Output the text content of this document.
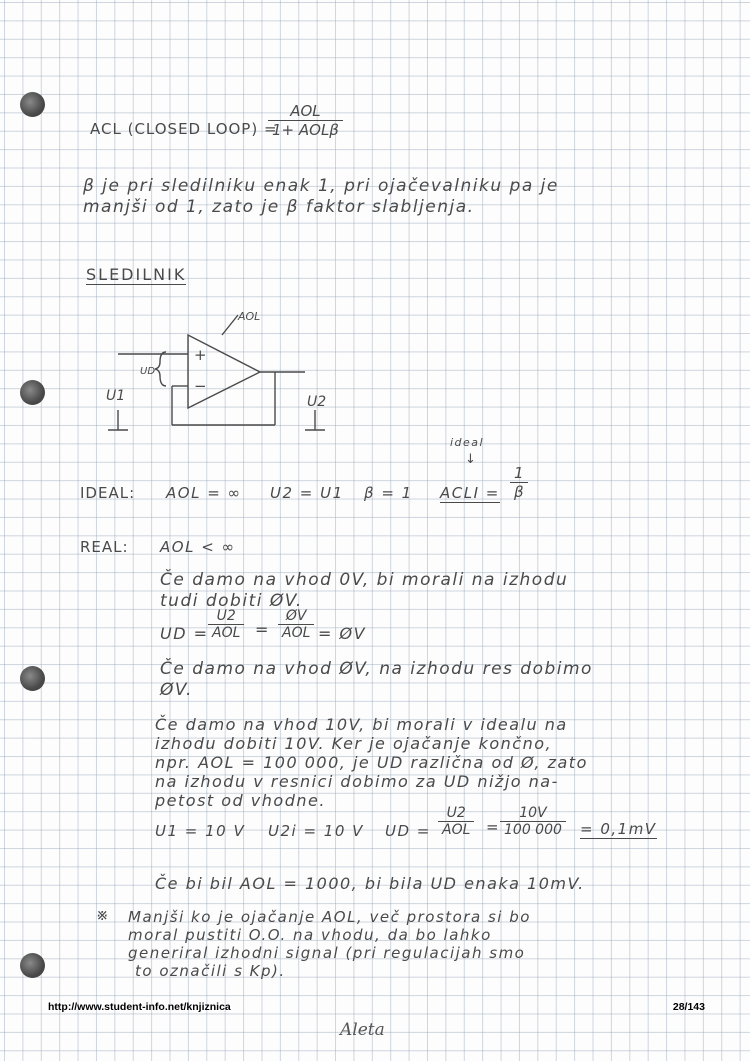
ACL (CLOSED LOOP) =
AOL
1+ AOLβ
β je pri sledilniku enak 1, pri ojačevalniku pa je
manjši od 1, zato je β faktor slabljenja.
SLEDILNIK
AOL
+
−
UD
U1	U2
ideal
↓
IDEAL: AOL = ∞ U2 = U1 β = 1 ACLI = $\frac{1}{\beta}$
REAL: AOL < ∞
Če damo na vhod 0V, bi morali na izhodu
tudi dobiti ØV.
UD =
U2
AOL =
ØV
AOL = ØV
Če damo na vhod ØV, na izhodu res dobimo
ØV.
Če damo na vhod 10V, bi morali v idealu na
izhodu dobiti 10V. Ker je ojačanje končno,
npr. AOL = 100 000, je UD različna od Ø, zato
na izhodu v resnici dobimo za UD nižjo na-
petost od vhodne.
U1 = 10 V U2i = 10 V UD =
U2
AOL = $\frac{10V}{100 000} = 0,1mV$
Če bi bil AOL = 1000, bi bila UD enaka 10mV.
※ Manjši ko je ojačanje AOL, več prostora si bo
moral pustiti O.O. na vhodu, da bo lahko
generiral izhodni signal (pri regulacijah smo
to označili s Kp).
http://www.student-info.net/knjiznica	28/143
Aleta
